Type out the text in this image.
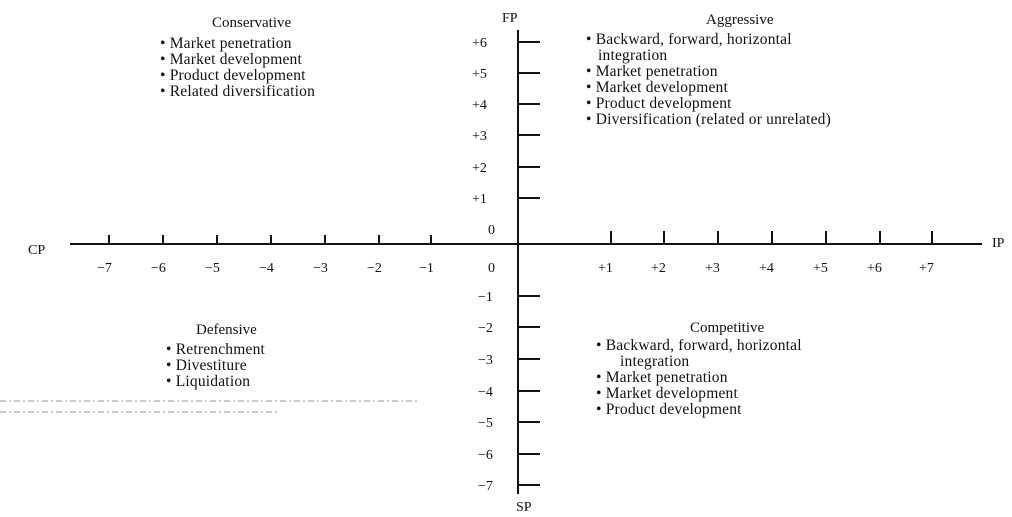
−7	−6	−5	−4	−3	−2	−1	+1	+2	+3	+4	+5	+6	+7
+1
+2
+3
+4
+5
+6
−1
−2
−3
−4
−5
−6
−7
FP
SP
CP	IP
0
0
Conservative
• Market penetration
• Market development
• Product development
• Related diversification
Aggressive
• Backward, forward, horizontal
integration
• Market penetration
• Market development
• Product development
• Diversification (related or unrelated)
Defensive
• Retrenchment
• Divestiture
• Liquidation
Competitive
• Backward, forward, horizontal
integration
• Market penetration
• Market development
• Product development
